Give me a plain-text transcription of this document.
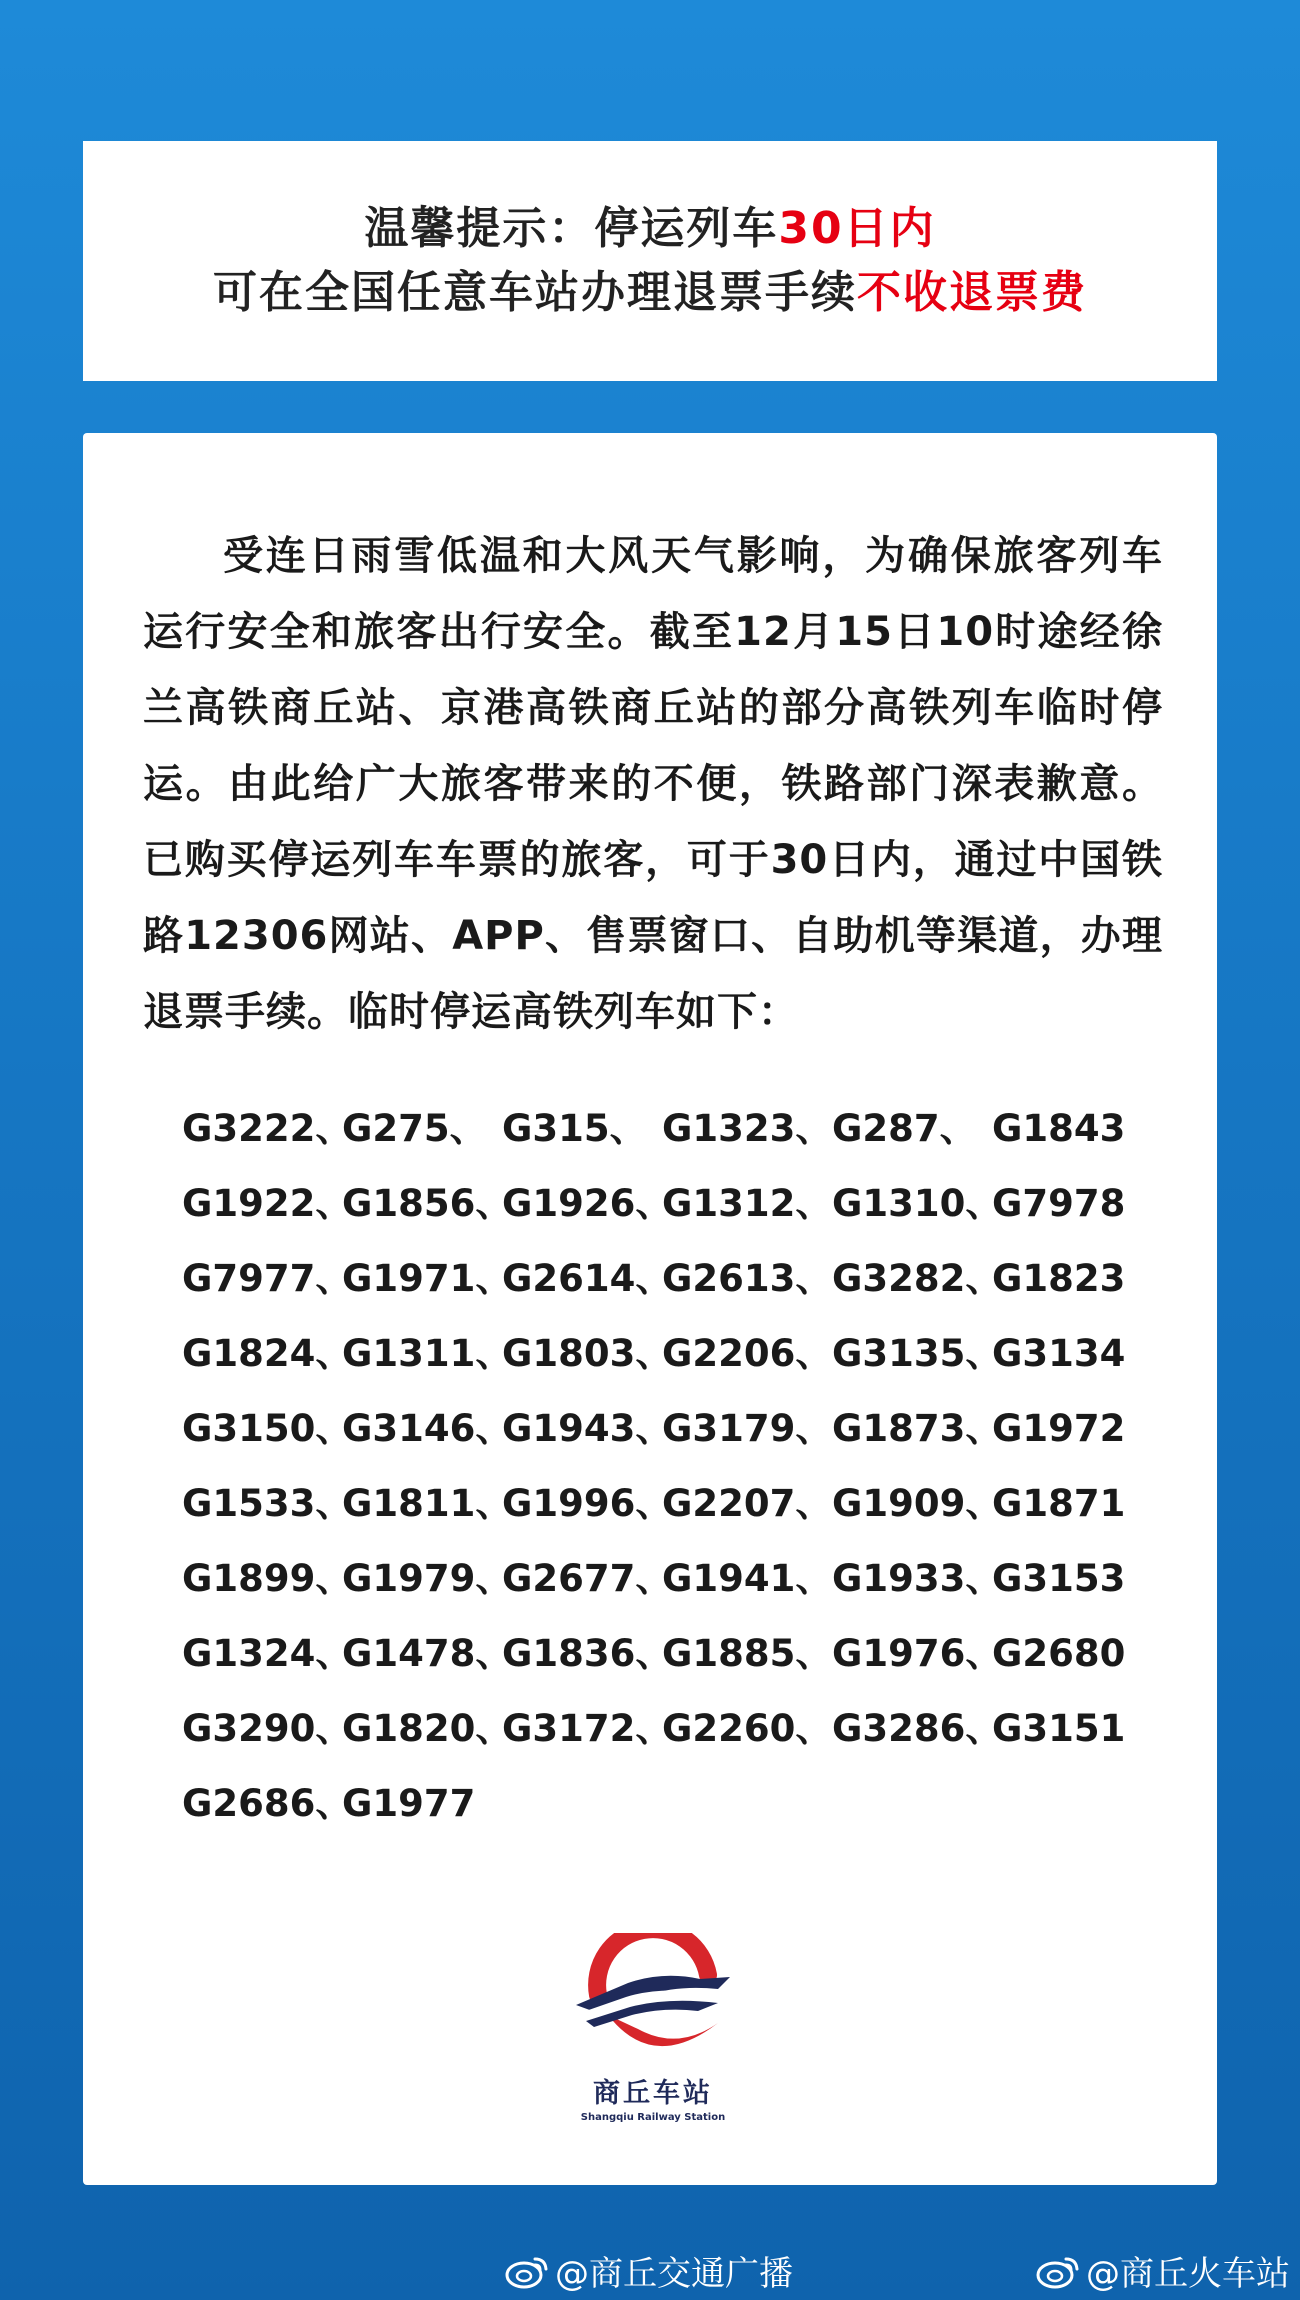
温馨提示：停运列车30日内
可在全国任意车站办理退票手续不收退票费
受连日雨雪低温和大风天气影响，为确保旅客列车运行安全和旅客出行安全。截至12月15日10时途经徐兰高铁商丘站、京港高铁商丘站的部分高铁列车临时停运。由此给广大旅客带来的不便，铁路部门深表歉意。已购买停运列车车票的旅客，可于30日内，通过中国铁路12306网站、APP、售票窗口、自助机等渠道，办理退票手续。临时停运高铁列车如下：
G3222、
G275、 G315、 G1323、 G287、 G1843
G1922、
G1856、
G1926、
G1312、 G1310、
G7978
G7977、
G1971、
G2614、
G2613、 G3282、
G1823
G1824、
G1311、
G1803、
G2206、 G3135、
G3134
G3150、
G3146、
G1943、
G3179、 G1873、
G1972
G1533、
G1811、
G1996、
G2207、 G1909、
G1871
G1899、
G1979、
G2677、
G1941、 G1933、
G3153
G1324、
G1478、
G1836、
G1885、 G1976、
G2680
G3290、
G1820、
G3172、
G2260、 G3286、
G3151
G2686、
G1977
商丘车站
Shangqiu Railway Station
@商丘交通广播	@商丘火车站
